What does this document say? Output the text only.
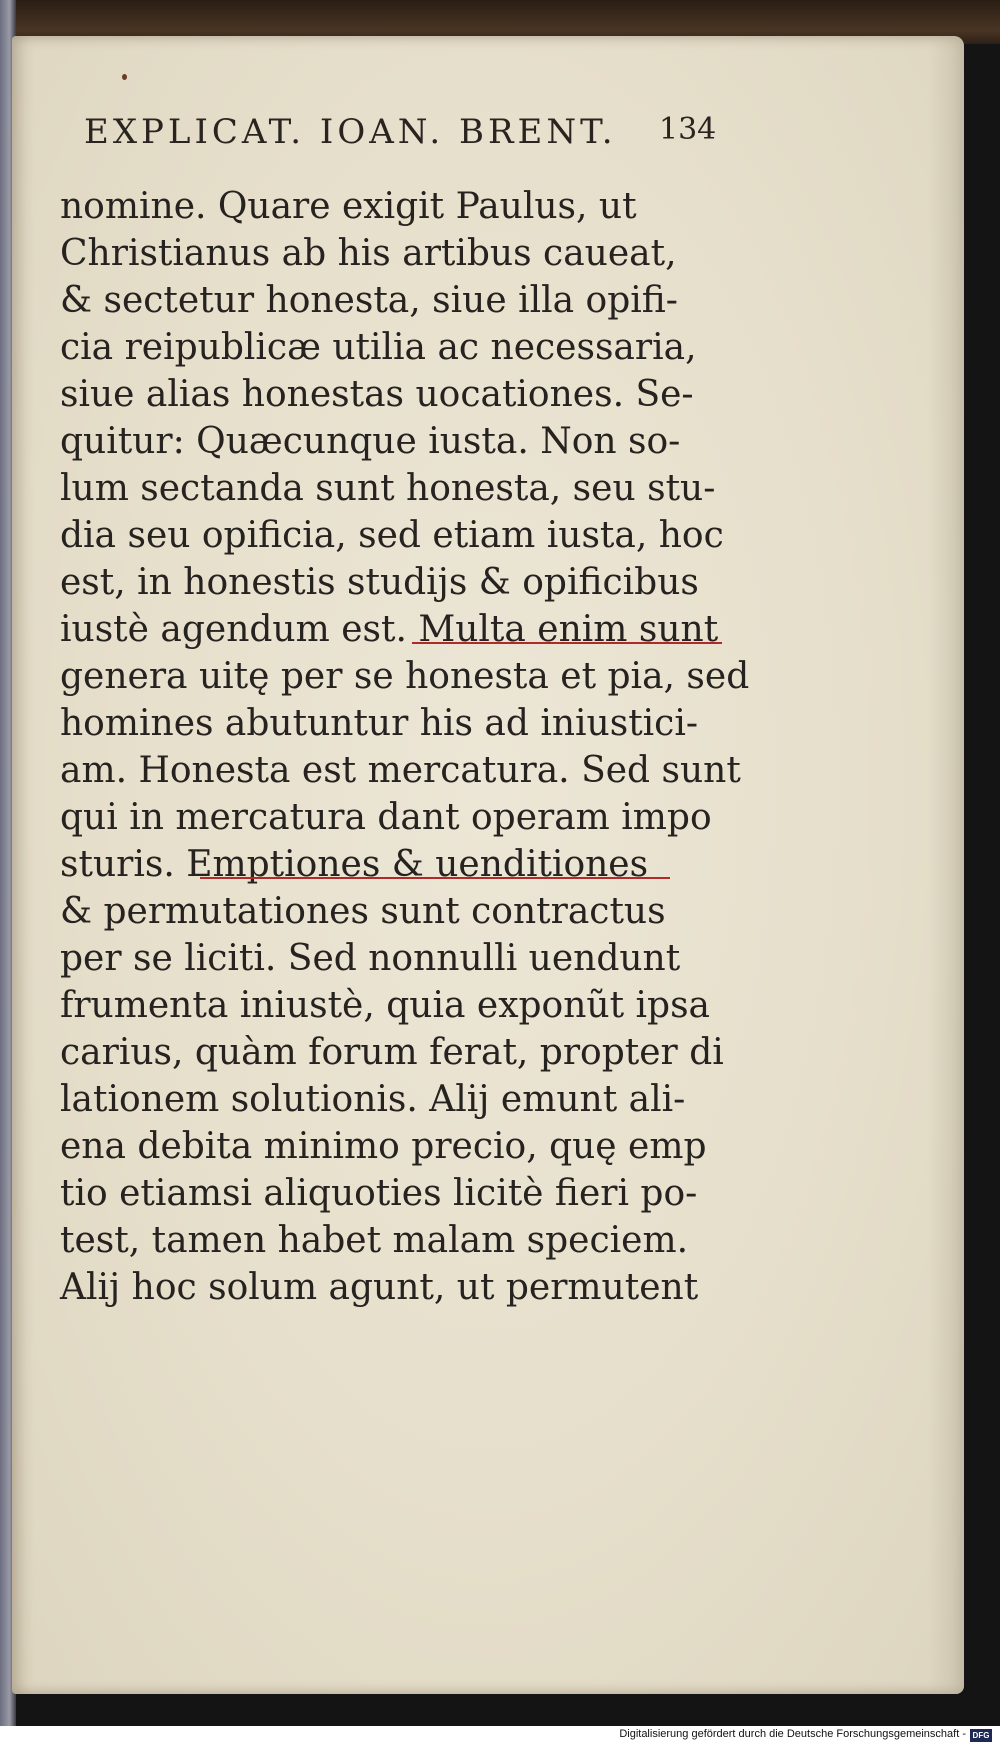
EXPLICAT. IOAN. BRENT. 134
nomine. Quare exigit Paulus, ut
Christianus ab his artibus caueat,
& sectetur honesta, siue illa opifi-
cia reipublicæ utilia ac necessaria,
siue alias honestas uocationes. Se-
quitur: Quæcunque iusta. Non so-
lum sectanda sunt honesta, seu stu-
dia seu opificia, sed etiam iusta, hoc
est, in honestis studijs & opificibus
iustè agendum est. Multa enim sunt
genera uitę per se honesta et pia, sed
homines abutuntur his ad iniustici-
am. Honesta est mercatura. Sed sunt
qui in mercatura dant operam impo
sturis. Emptiones & uenditiones
& permutationes sunt contractus
per se liciti. Sed nonnulli uendunt
frumenta iniustè, quia exponũt ipsa
carius, quàm forum ferat, propter di
lationem solutionis. Alij emunt ali-
ena debita minimo precio, quę emp
tio etiamsi aliquoties licitè fieri po-
test, tamen habet malam speciem.
Alij hoc solum agunt, ut permutent
Digitalisierung gefördert durch die Deutsche Forschungsgemeinschaft - DFG
